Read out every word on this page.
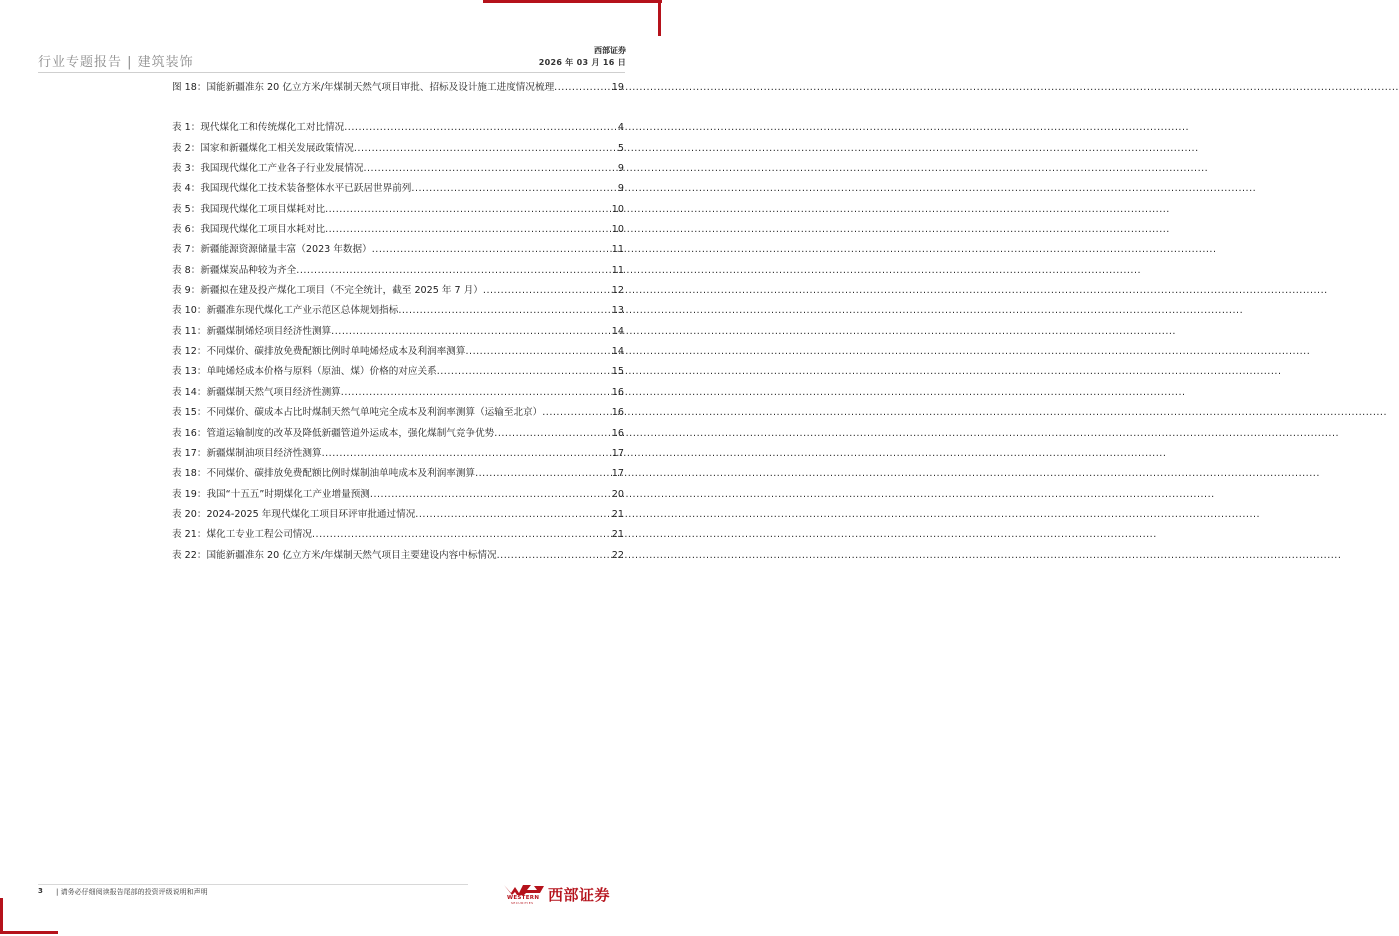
西部证券
2026 年 03 月 16 日
行业专题报告 | 建筑装饰
图 18：国能新疆准东 20 亿立方米/年煤制天然气项目审批、招标及设计施工进度情况梳理 .....	19
表 1：现代煤化工和传统煤化工对比情况 .....	4
表 2：国家和新疆煤化工相关发展政策情况 .....	5
表 3：我国现代煤化工产业各子行业发展情况 .....	9
表 4：我国现代煤化工技术装备整体水平已跃居世界前列 .....	9
表 5：我国现代煤化工项目煤耗对比 .....	10
表 6：我国现代煤化工项目水耗对比 .....	10
表 7：新疆能源资源储量丰富（2023 年数据） .....	11
表 8：新疆煤炭品种较为齐全 .....	11
表 9：新疆拟在建及投产煤化工项目（不完全统计，截至 2025 年 7 月） .....	12
表 10：新疆准东现代煤化工产业示范区总体规划指标 .....	13
表 11：新疆煤制烯烃项目经济性测算 .....	14
表 12：不同煤价、碳排放免费配额比例时单吨烯烃成本及利润率测算 .....	14
表 13：单吨烯烃成本价格与原料（原油、煤）价格的对应关系 .....	15
表 14：新疆煤制天然气项目经济性测算 .....	16
表 15：不同煤价、碳成本占比时煤制天然气单吨完全成本及利润率测算（运输至北京） .....	16
表 16：管道运输制度的改革及降低新疆管道外运成本，强化煤制气竞争优势 .....	16
表 17：新疆煤制油项目经济性测算 .....	17
表 18：不同煤价、碳排放免费配额比例时煤制油单吨成本及利润率测算 .....	17
表 19：我国“十五五”时期煤化工产业增量预测 .....	20
表 20：2024-2025 年现代煤化工项目环评审批通过情况 .....	21
表 21：煤化工专业工程公司情况 .....	21
表 22：国能新疆准东 20 亿立方米/年煤制天然气项目主要建设内容中标情况 .....	22
3 | 请务必仔细阅读报告尾部的投资评级说明和声明
WESTERN
SECURITIES 西部证券
